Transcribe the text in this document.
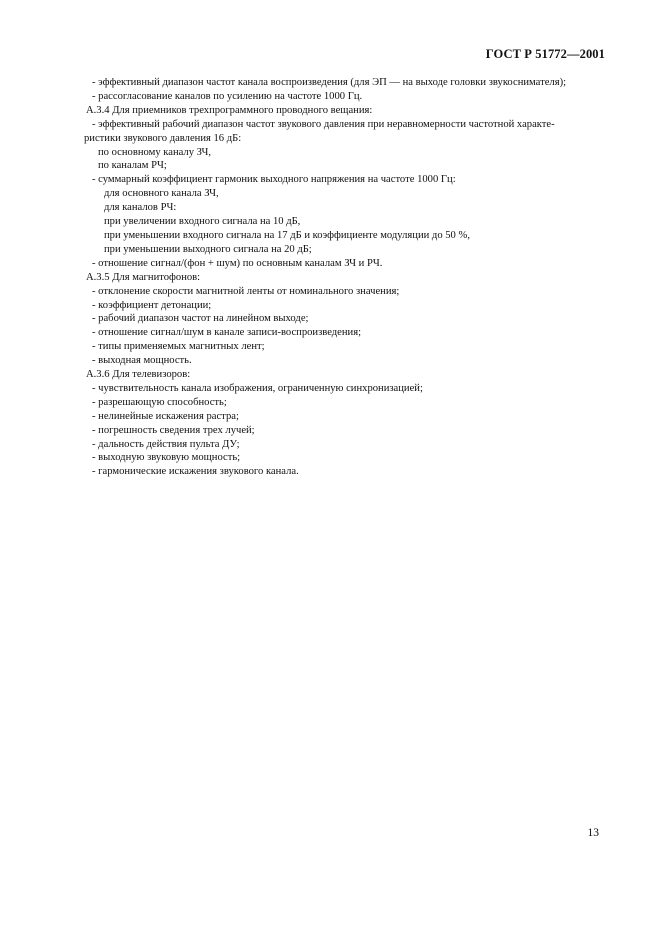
ГОСТ Р 51772—2001
- эффективный диапазон частот канала воспроизведения (для ЭП — на выходе головки звукоснимателя);
- рассогласование каналов по усилению на частоте 1000 Гц.
А.3.4 Для приемников трехпрограммного проводного вещания:
- эффективный рабочий диапазон частот звукового давления при неравномерности частотной характе-
ристики звукового давления 16 дБ:
по основному каналу ЗЧ,
по каналам РЧ;
- суммарный коэффициент гармоник выходного напряжения на частоте 1000 Гц:
для основного канала ЗЧ,
для каналов РЧ:
при увеличении входного сигнала на 10 дБ,
при уменьшении входного сигнала на 17 дБ и коэффициенте модуляции до 50 %,
при уменьшении выходного сигнала на 20 дБ;
- отношение сигнал/(фон + шум) по основным каналам ЗЧ и РЧ.
А.3.5 Для магнитофонов:
- отклонение скорости магнитной ленты от номинального значения;
- коэффициент детонации;
- рабочий диапазон частот на линейном выходе;
- отношение сигнал/шум в канале записи-воспроизведения;
- типы применяемых магнитных лент;
- выходная мощность.
А.3.6 Для телевизоров:
- чувствительность канала изображения, ограниченную синхронизацией;
- разрешающую способность;
- нелинейные искажения растра;
- погрешность сведения трех лучей;
- дальность действия пульта ДУ;
- выходную звуковую мощность;
- гармонические искажения звукового канала.
13
